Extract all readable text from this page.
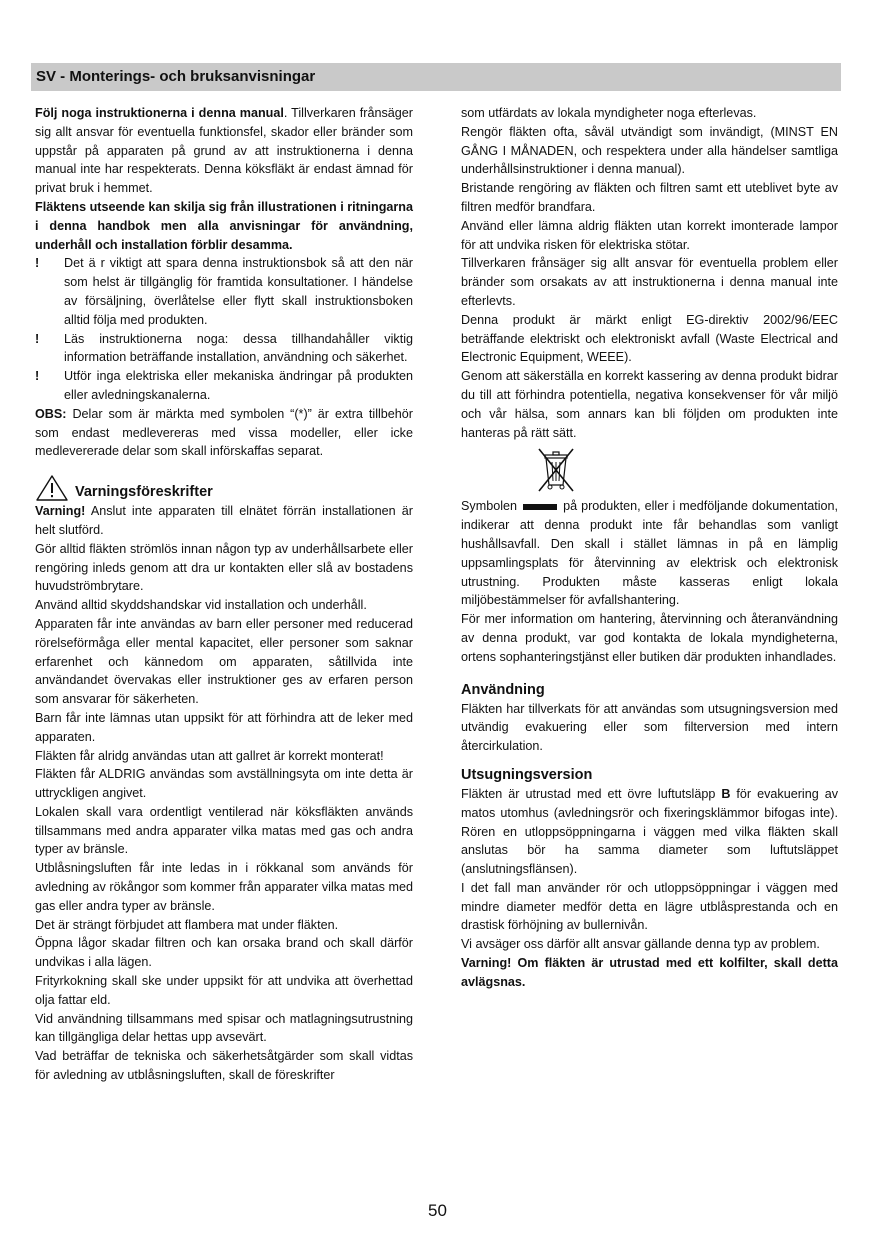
SV - Monterings- och bruksanvisningar

Följ noga instruktionerna i denna manual. Tillverkaren frånsäger sig allt ansvar för eventuella funktionsfel, skador eller bränder som uppstår på apparaten på grund av att instruktionerna i denna manual inte har respekterats. Denna köksfläkt är endast ämnad för privat bruk i hemmet.

Fläktens utseende kan skilja sig från illustrationen i ritningarna i denna handbok men alla anvisningar för användning, underhåll och installation förblir desamma.

! Det ä r viktigt att spara denna instruktionsbok så att den när som helst är tillgänglig för framtida konsultationer. I händelse av försäljning, överlåtelse eller flytt skall instruktionsboken alltid följa med produkten.
! Läs instruktionerna noga: dessa tillhandahåller viktig information beträffande installation, användning och säkerhet.
! Utför inga elektriska eller mekaniska ändringar på produkten eller avledningskanalerna.

OBS: Delar som är märkta med symbolen “(*)” är extra tillbehör som endast medlevereras med vissa modeller, eller icke medlevererade delar som skall införskaffas separat.

Varningsföreskrifter

Varning! Anslut inte apparaten till elnätet förrän installationen är helt slutförd.

Gör alltid fläkten strömlös innan någon typ av underhållsarbete eller rengöring inleds genom att dra ur kontakten eller slå av bostadens huvudströmbrytare.

Använd alltid skyddshandskar vid installation och underhåll.

Apparaten får inte användas av barn eller personer med reducerad rörelseförmåga eller mental kapacitet, eller personer som saknar erfarenhet och kännedom om apparaten, såtillvida inte användandet övervakas eller instruktioner ges av erfaren person som ansvarar för säkerheten.

Barn får inte lämnas utan uppsikt för att förhindra att de leker med apparaten.

Fläkten får alridg användas utan att gallret är korrekt monterat!

Fläkten får ALDRIG användas som avställningsyta om inte detta är uttryckligen angivet.

Lokalen skall vara ordentligt ventilerad när köksfläkten används tillsammans med andra apparater vilka matas med gas och andra typer av bränsle.

Utblåsningsluften får inte ledas in i rökkanal som används för avledning av rökångor som kommer från apparater vilka matas med gas eller andra typer av bränsle.

Det är strängt förbjudet att flambera mat under fläkten.

Öppna lågor skadar filtren och kan orsaka brand och skall därför undvikas i alla lägen.

Frityrkokning skall ske under uppsikt för att undvika att överhettad olja fattar eld.

Vid användning tillsammans med spisar och matlagningsutrustning kan tillgängliga delar hettas upp avsevärt.

Vad beträffar de tekniska och säkerhetsåtgärder som skall vidtas för avledning av utblåsningsluften, skall de föreskrifter

som utfärdats av lokala myndigheter noga efterlevas.

Rengör fläkten ofta, såväl utvändigt som invändigt, (MINST EN GÅNG I MÅNADEN, och respektera under alla händelser samtliga underhållsinstruktioner i denna manual).

Bristande rengöring av fläkten och filtren samt ett uteblivet byte av filtren medför brandfara.

Använd eller lämna aldrig fläkten utan korrekt imonterade lampor för att undvika risken för elektriska stötar.

Tillverkaren frånsäger sig allt ansvar för eventuella problem eller bränder som orsakats av att instruktionerna i denna manual inte efterlevts.

Denna produkt är märkt enligt EG-direktiv 2002/96/EEC beträffande elektriskt och elektroniskt avfall (Waste Electrical and Electronic Equipment, WEEE).

Genom att säkerställa en korrekt kassering av denna produkt bidrar du till att förhindra potentiella, negativa konsekvenser för vår miljö och vår hälsa, som annars kan bli följden om produkten inte hanteras på rätt sätt.

Symbolen	på produkten, eller i medföljande dokumentation, indikerar att denna produkt inte får behandlas som vanligt hushållsavfall. Den skall i stället lämnas in på en lämplig uppsamlingsplats för återvinning av elektrisk och elektronisk utrustning. Produkten måste kasseras enligt lokala miljöbestämmelser för avfallshantering.

För mer information om hantering, återvinning och återanvändning av denna produkt, var god kontakta de lokala myndigheterna, ortens sophanteringstjänst eller butiken där produkten inhandlades.

Användning

Fläkten har tillverkats för att användas som utsugningsversion med utvändig evakuering eller som filterversion med intern återcirkulation.

Utsugningsversion

Fläkten är utrustad med ett övre luftutsläpp B för evakuering av matos utomhus (avledningsrör och fixeringsklämmor bifogas inte). Rören en utloppsöppningarna i väggen med vilka fläkten skall anslutas bör ha samma diameter som luftutsläppet (anslutningsflänsen).

I det fall man använder rör och utloppsöppningar i väggen med mindre diameter medför detta en lägre utblåsprestanda och en drastisk förhöjning av bullernivån.

Vi avsäger oss därför allt ansvar gällande denna typ av problem.

Varning! Om fläkten är utrustad med ett kolfilter, skall detta avlägsnas.

50
